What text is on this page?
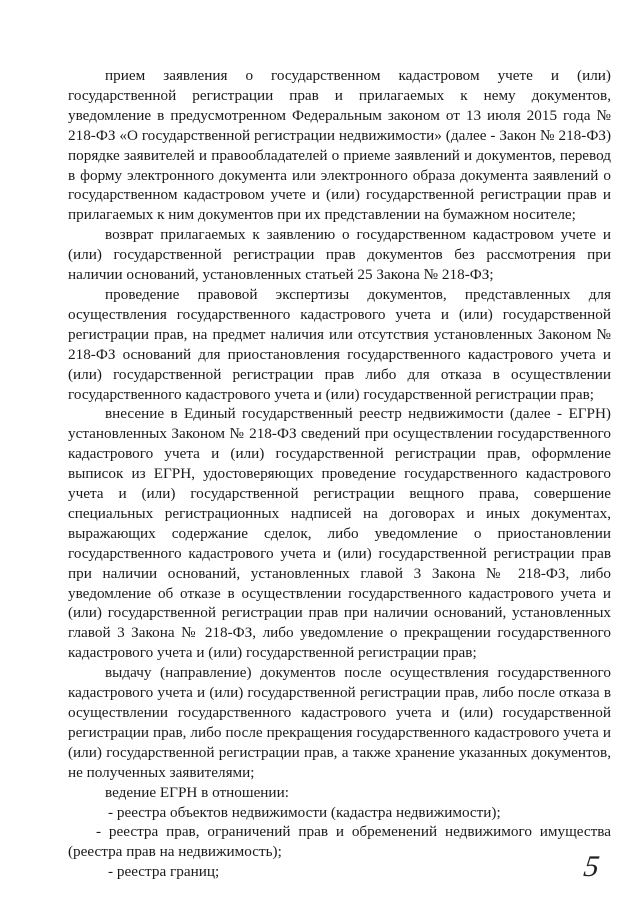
прием заявления о государственном кадастровом учете и (или) государственной регистрации прав и прилагаемых к нему документов, уведомление в предусмотренном Федеральным законом от 13 июля 2015 года № 218-ФЗ «О государственной регистрации недвижимости» (далее - Закон № 218-ФЗ) порядке заявителей и правообладателей о приеме заявлений и документов, перевод в форму электронного документа или электронного образа документа заявлений о государственном кадастровом учете и (или) государственной регистрации прав и прилагаемых к ним документов при их представлении на бумажном носителе;

возврат прилагаемых к заявлению о государственном кадастровом учете и (или) государственной регистрации прав документов без рассмотрения при наличии оснований, установленных статьей 25 Закона № 218-ФЗ;

проведение правовой экспертизы документов, представленных для осуществления государственного кадастрового учета и (или) государственной регистрации прав, на предмет наличия или отсутствия установленных Законом № 218-ФЗ оснований для приостановления государственного кадастрового учета и (или) государственной регистрации прав либо для отказа в осуществлении государственного кадастрового учета и (или) государственной регистрации прав;

внесение в Единый государственный реестр недвижимости (далее - ЕГРН) установленных Законом № 218-ФЗ сведений при осуществлении государственного кадастрового учета и (или) государственной регистрации прав, оформление выписок из ЕГРН, удостоверяющих проведение государственного кадастрового учета и (или) государственной регистрации вещного права, совершение специальных регистрационных надписей на договорах и иных документах, выражающих содержание сделок, либо уведомление о приостановлении государственного кадастрового учета и (или) государственной регистрации прав при наличии оснований, установленных главой 3 Закона № 218-ФЗ, либо уведомление об отказе в осуществлении государственного кадастрового учета и (или) государственной регистрации прав при наличии оснований, установленных главой 3 Закона № 218-ФЗ, либо уведомление о прекращении государственного кадастрового учета и (или) государственной регистрации прав;

выдачу (направление) документов после осуществления государственного кадастрового учета и (или) государственной регистрации прав, либо после отказа в осуществлении государственного кадастрового учета и (или) государственной регистрации прав, либо после прекращения государственного кадастрового учета и (или) государственной регистрации прав, а также хранение указанных документов, не полученных заявителями;

ведение ЕГРН в отношении:

- реестра объектов недвижимости (кадастра недвижимости);

- реестра прав, ограничений прав и обременений недвижимого имущества (реестра прав на недвижимость);

- реестра границ;	5
